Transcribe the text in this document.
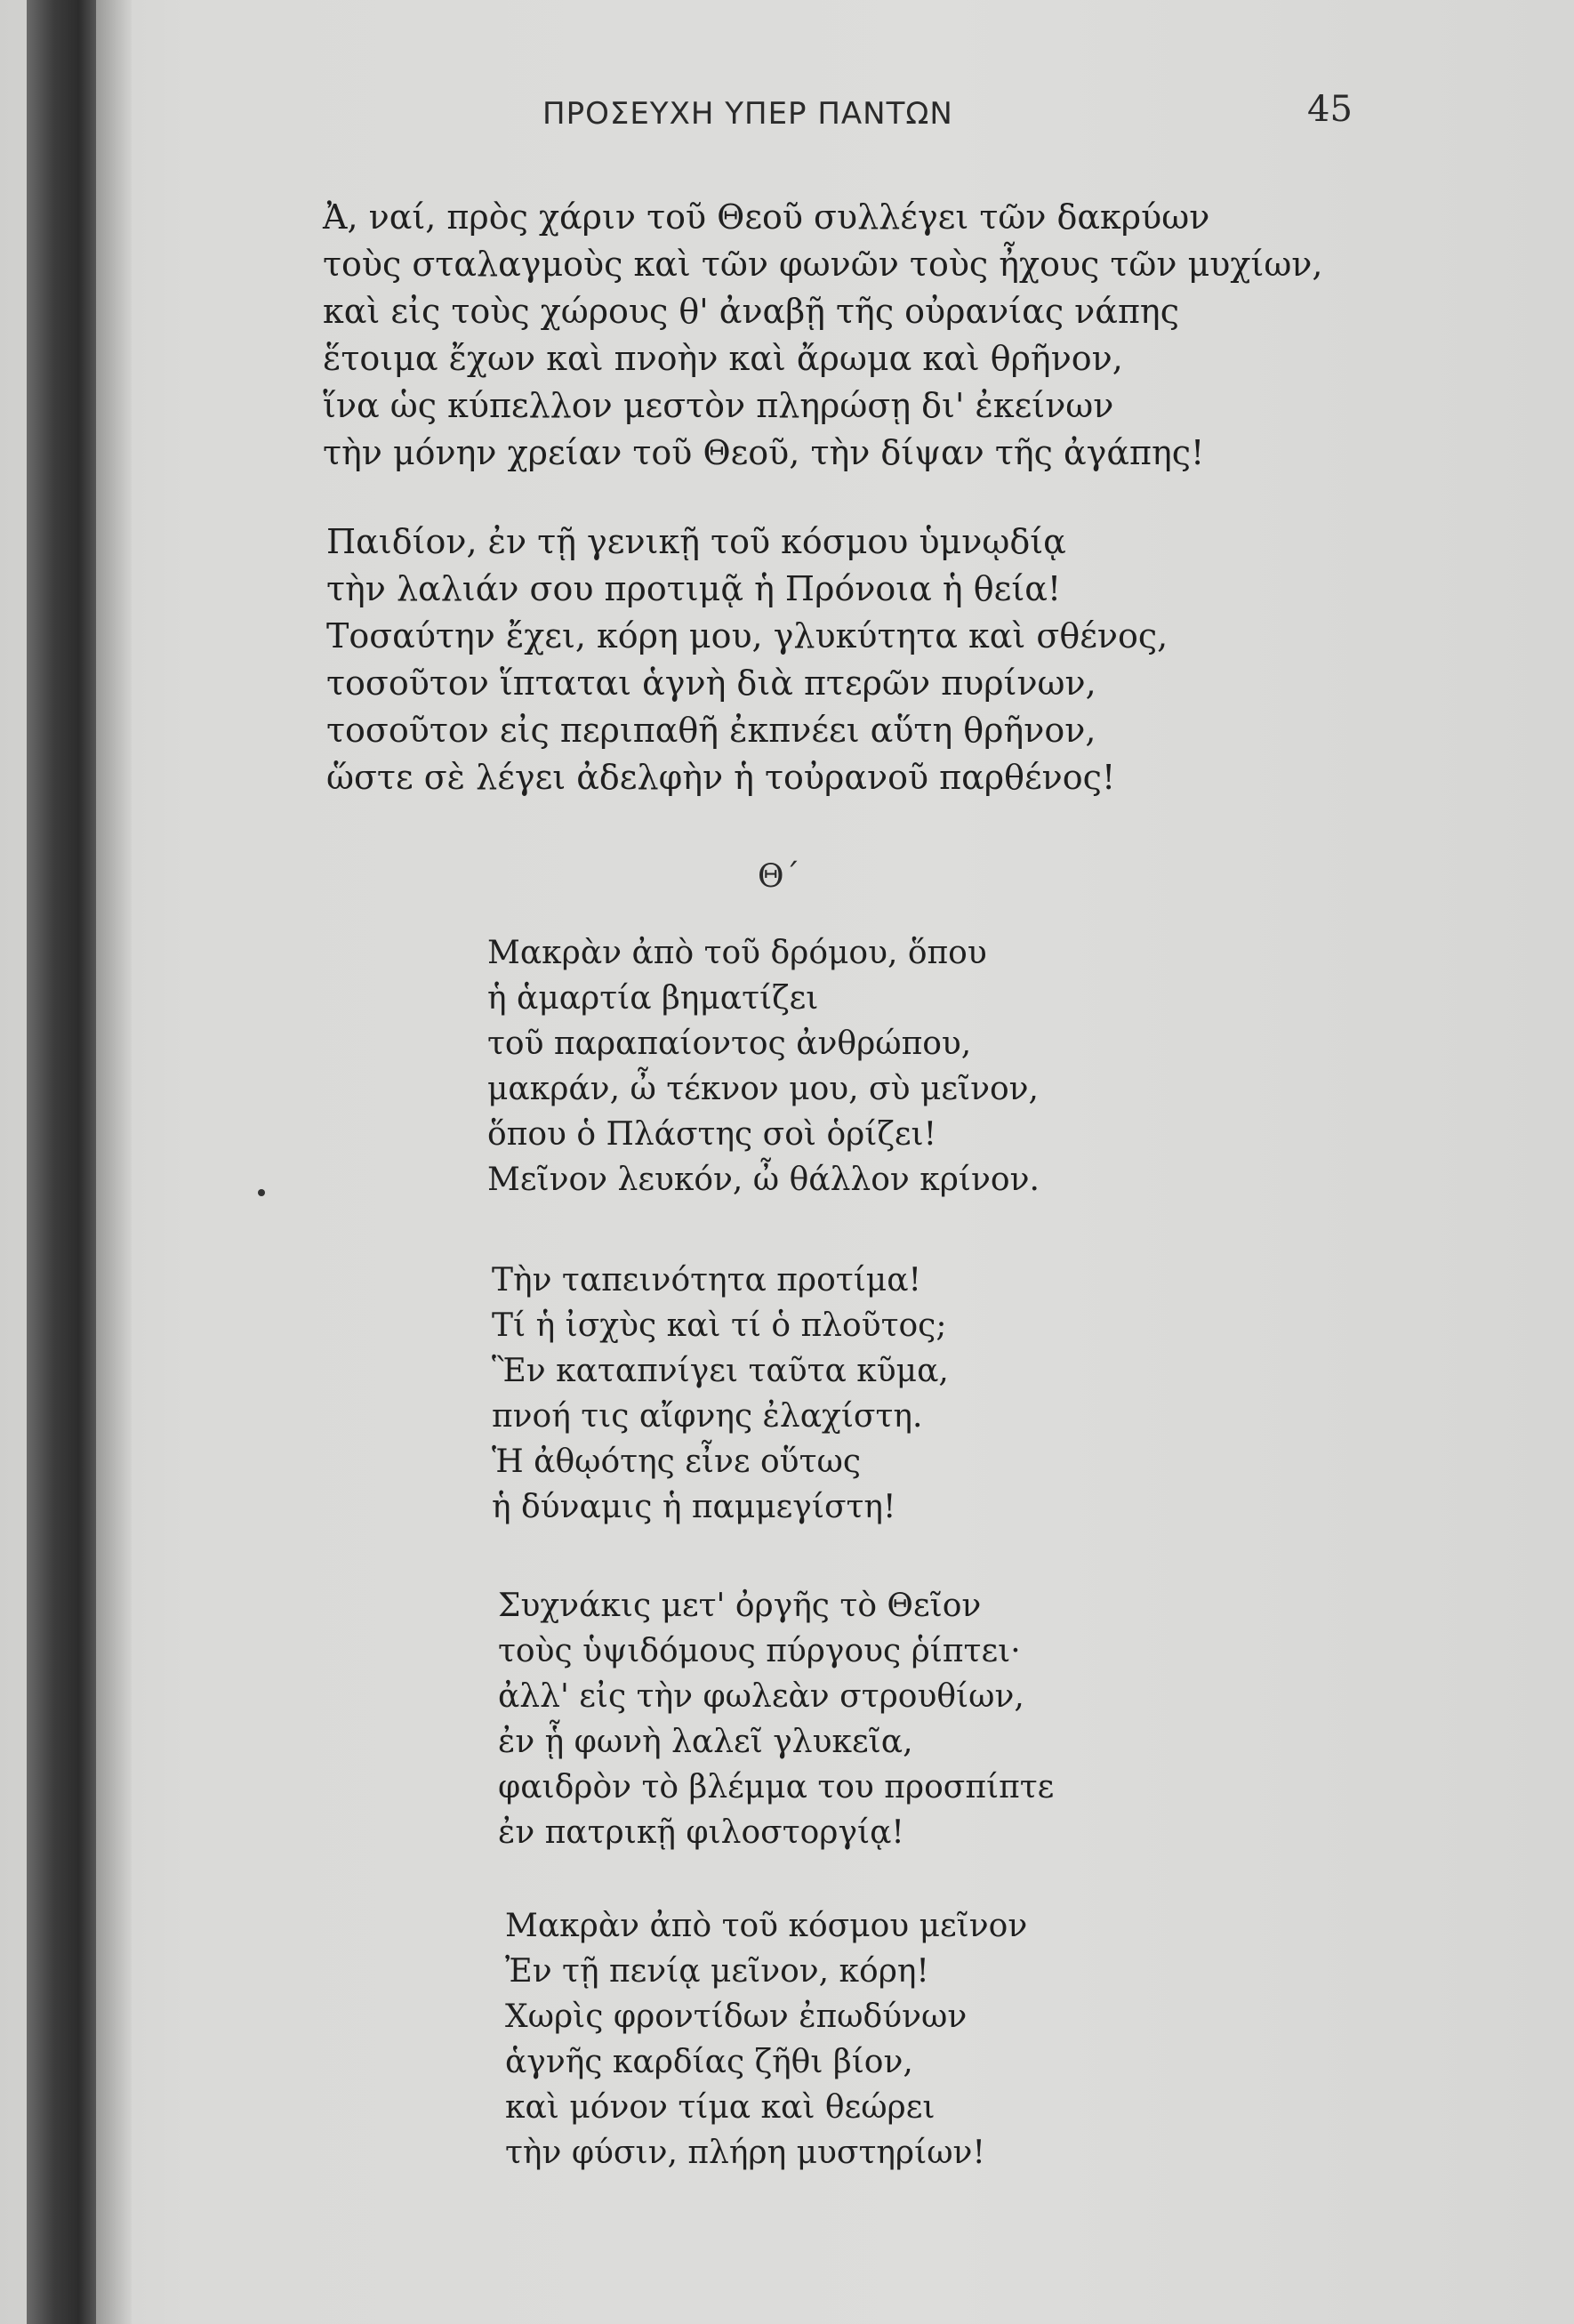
ΠΡΟΣΕΥΧΗ ΥΠΕΡ ΠΑΝΤΩΝ	45
Ἀ, ναί, πρὸς χάριν τοῦ Θεοῦ συλλέγει τῶν δακρύων
τοὺς σταλαγμοὺς καὶ τῶν φωνῶν τοὺς ἦχους τῶν μυχίων,
καὶ εἰς τοὺς χώρους θ' ἀναβῇ τῆς οὐρανίας νάπης
ἕτοιμα ἔχων καὶ πνοὴν καὶ ἄρωμα καὶ θρῆνον,
ἵνα ὡς κύπελλον μεστὸν πληρώσῃ δι' ἐκείνων
τὴν μόνην χρείαν τοῦ Θεοῦ, τὴν δίψαν τῆς ἀγάπης!
Παιδίον, ἐν τῇ γενικῇ τοῦ κόσμου ὑμνῳδίᾳ
τὴν λαλιάν σου προτιμᾷ ἡ Πρόνοια ἡ θεία!
Τοσαύτην ἔχει, κόρη μου, γλυκύτητα καὶ σθένος,
τοσοῦτον ἵπταται ἁγνὴ διὰ πτερῶν πυρίνων,
τοσοῦτον εἰς περιπαθῆ ἐκπνέει αὕτη θρῆνον,
ὥστε σὲ λέγει ἀδελφὴν ἡ τοὐρανοῦ παρθένος!
Θ΄
Μακρὰν ἀπὸ τοῦ δρόμου, ὅπου
ἡ ἁμαρτία βηματίζει
τοῦ παραπαίοντος ἀνθρώπου,
μακράν, ὦ τέκνον μου, σὺ μεῖνον,
ὅπου ὁ Πλάστης σοὶ ὁρίζει!
Μεῖνον λευκόν, ὦ θάλλον κρίνον.
Τὴν ταπεινότητα προτίμα!
Τί ἡ ἰσχὺς καὶ τί ὁ πλοῦτος;
Ἓν καταπνίγει ταῦτα κῦμα,
πνοή τις αἴφνης ἐλαχίστη.
Ἡ ἀθῳότης εἶνε οὕτως
ἡ δύναμις ἡ παμμεγίστη!
Συχνάκις μετ' ὀργῆς τὸ Θεῖον
τοὺς ὑψιδόμους πύργους ῥίπτει·
ἀλλ' εἰς τὴν φωλεὰν στρουθίων,
ἐν ᾗ φωνὴ λαλεῖ γλυκεῖα,
φαιδρὸν τὸ βλέμμα του προσπίπτε
ἐν πατρικῇ φιλοστοργίᾳ!
Μακρὰν ἀπὸ τοῦ κόσμου μεῖνον
Ἐν τῇ πενίᾳ μεῖνον, κόρη!
Χωρὶς φροντίδων ἐπωδύνων
ἁγνῆς καρδίας ζῆθι βίον,
καὶ μόνον τίμα καὶ θεώρει
τὴν φύσιν, πλήρη μυστηρίων!
